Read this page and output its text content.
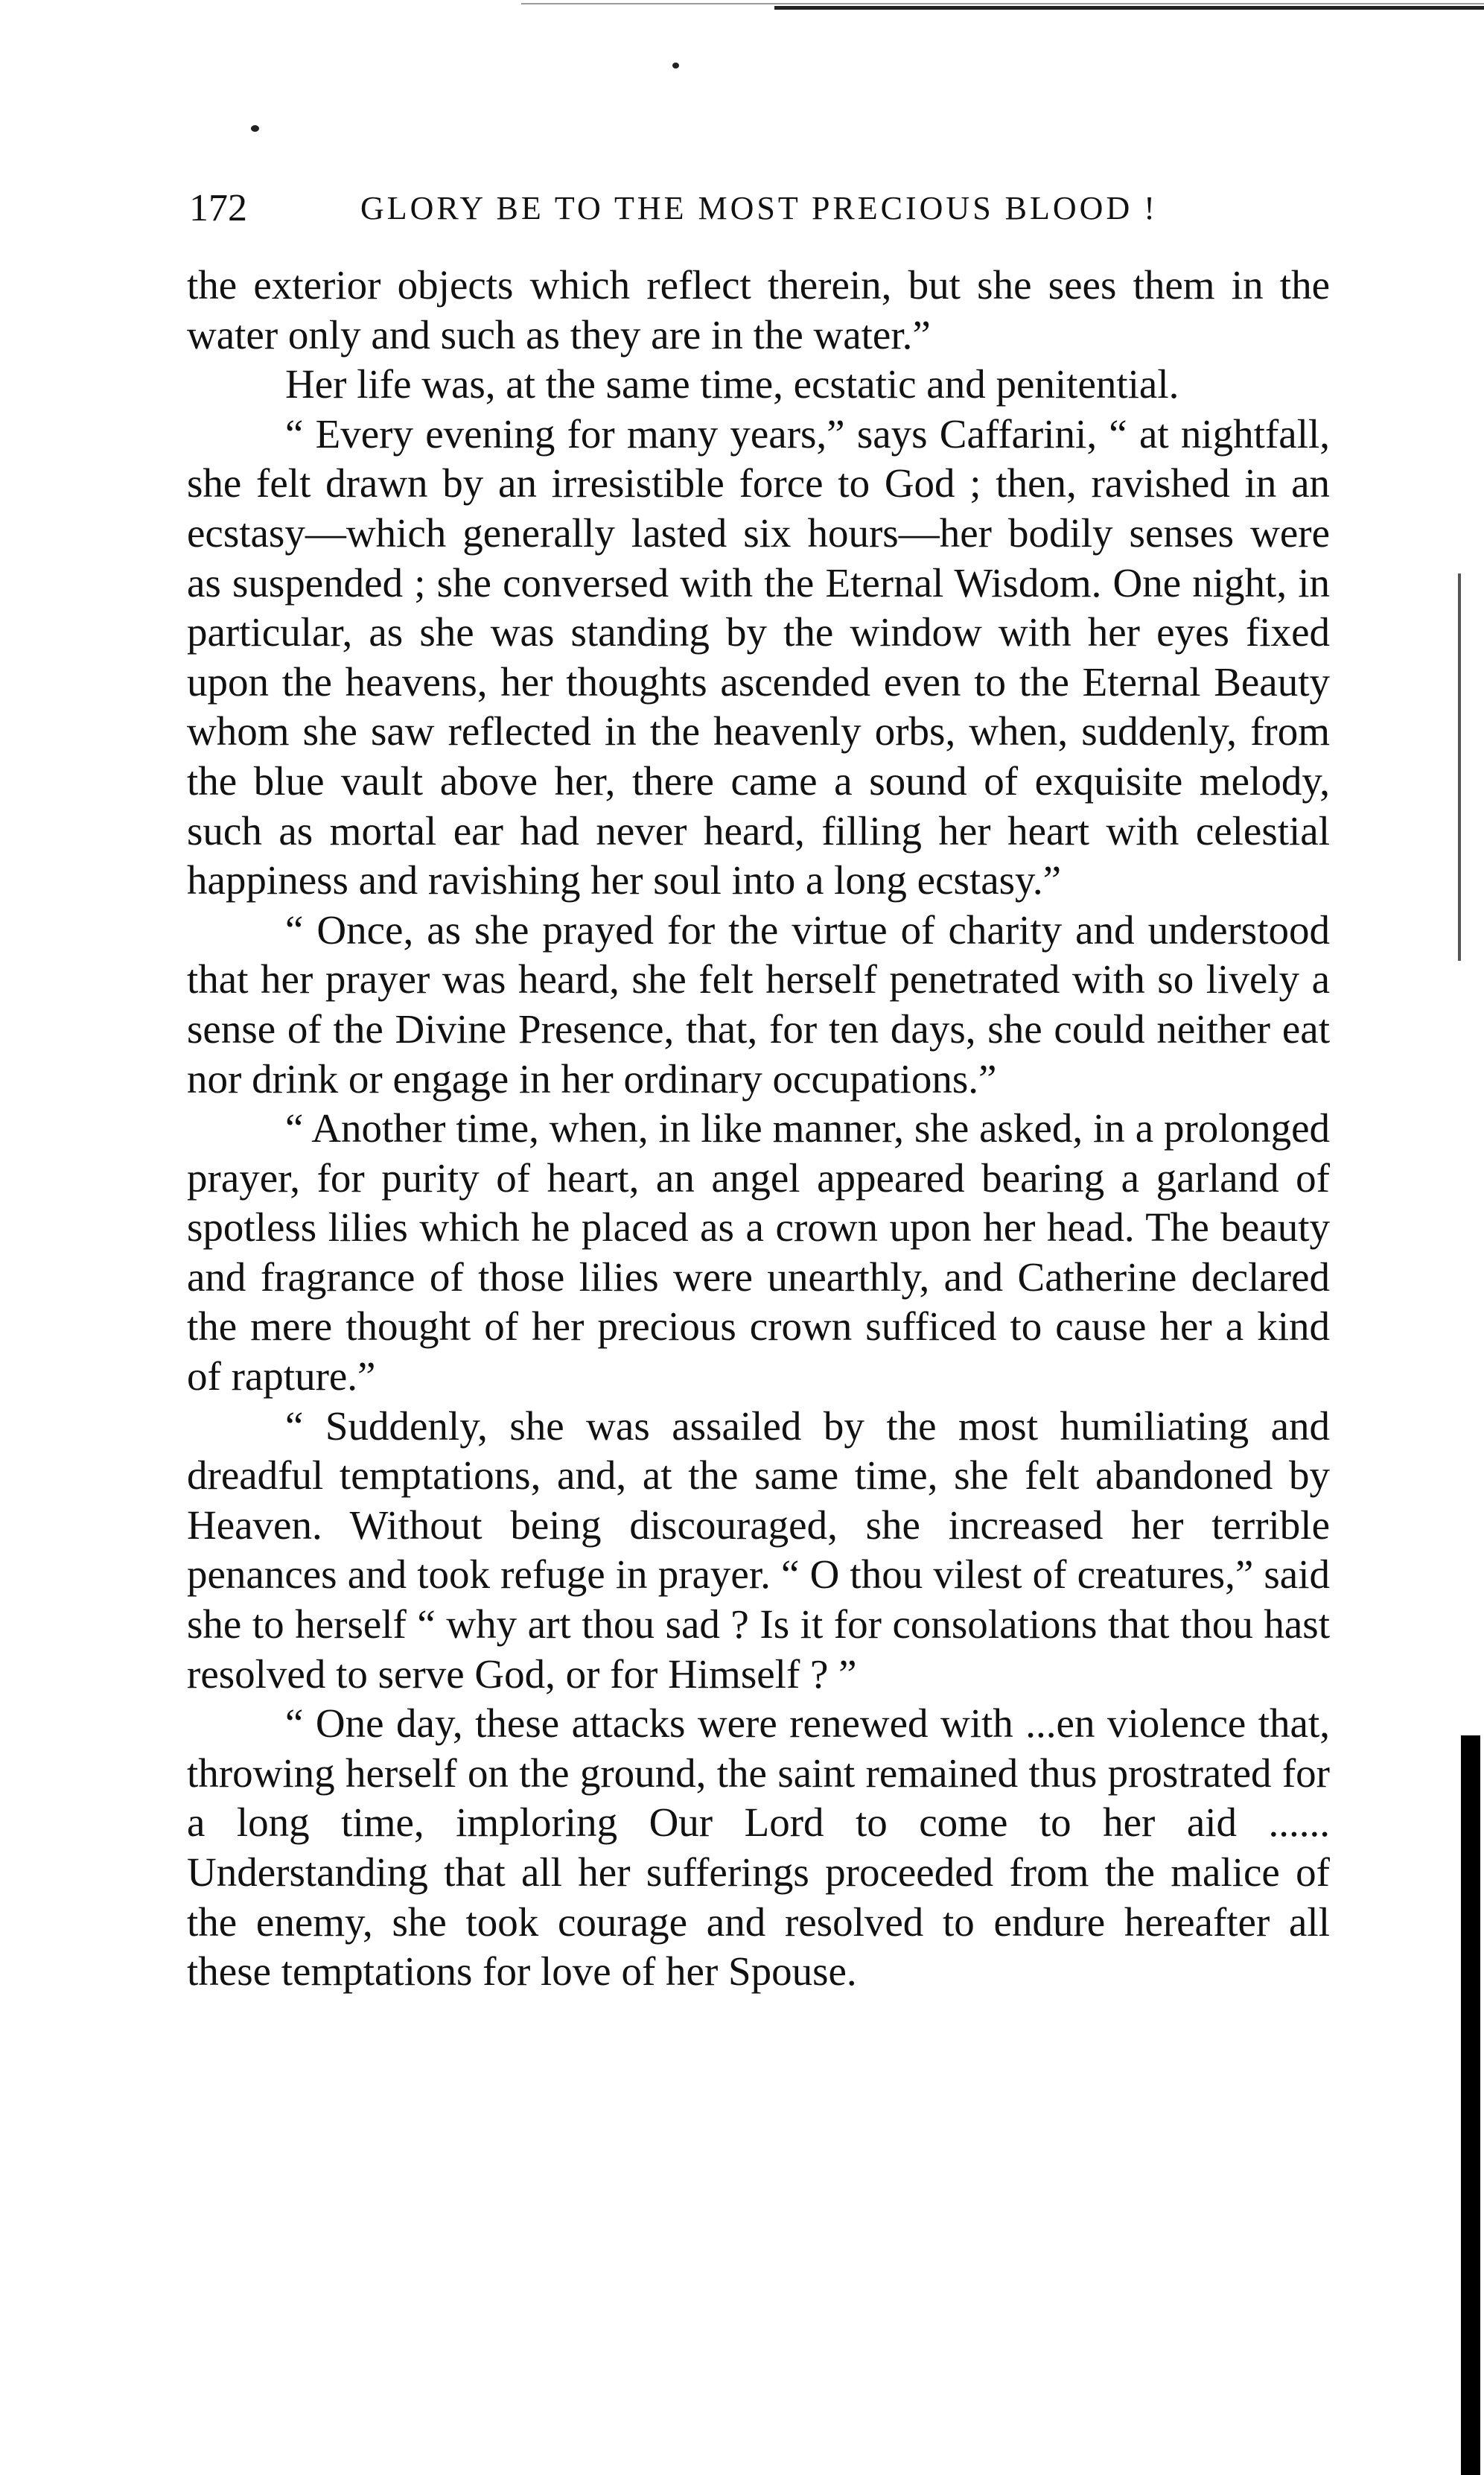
172	GLORY BE TO THE MOST PRECIOUS BLOOD !

the exterior objects which reflect therein, but she sees them in the water only and such as they are in the water.”

Her life was, at the same time, ecstatic and penitential.

“ Every evening for many years,” says Caffarini, “ at nightfall, she felt drawn by an irresistible force to God ; then, ravished in an ecstasy—which generally lasted six hours—her bodily senses were as suspended ; she conversed with the Eternal Wisdom. One night, in particular, as she was standing by the window with her eyes fixed upon the heavens, her thoughts ascended even to the Eternal Beauty whom she saw reflected in the heavenly orbs, when, suddenly, from the blue vault above her, there came a sound of exquisite melody, such as mortal ear had never heard, filling her heart with celestial happiness and ravishing her soul into a long ecstasy.”

“ Once, as she prayed for the virtue of charity and understood that her prayer was heard, she felt herself penetrated with so lively a sense of the Divine Presence, that, for ten days, she could neither eat nor drink or engage in her ordinary occupations.”

“ Another time, when, in like manner, she asked, in a prolonged prayer, for purity of heart, an angel appeared bearing a garland of spotless lilies which he placed as a crown upon her head. The beauty and fragrance of those lilies were unearthly, and Catherine declared the mere thought of her precious crown sufficed to cause her a kind of rapture.”

“ Suddenly, she was assailed by the most humiliating and dreadful temptations, and, at the same time, she felt abandoned by Heaven. Without being discouraged, she increased her terrible penances and took refuge in prayer. “ O thou vilest of creatures,” said she to herself “ why art thou sad ? Is it for consolations that thou hast resolved to serve God, or for Himself ? ”

“ One day, these attacks were renewed with ...en violence that, throwing herself on the ground, the saint remained thus prostrated for a long time, imploring Our Lord to come to her aid ...... Understanding that all her sufferings proceeded from the malice of the enemy, she took courage and resolved to endure hereafter all these temptations for love of her Spouse.
